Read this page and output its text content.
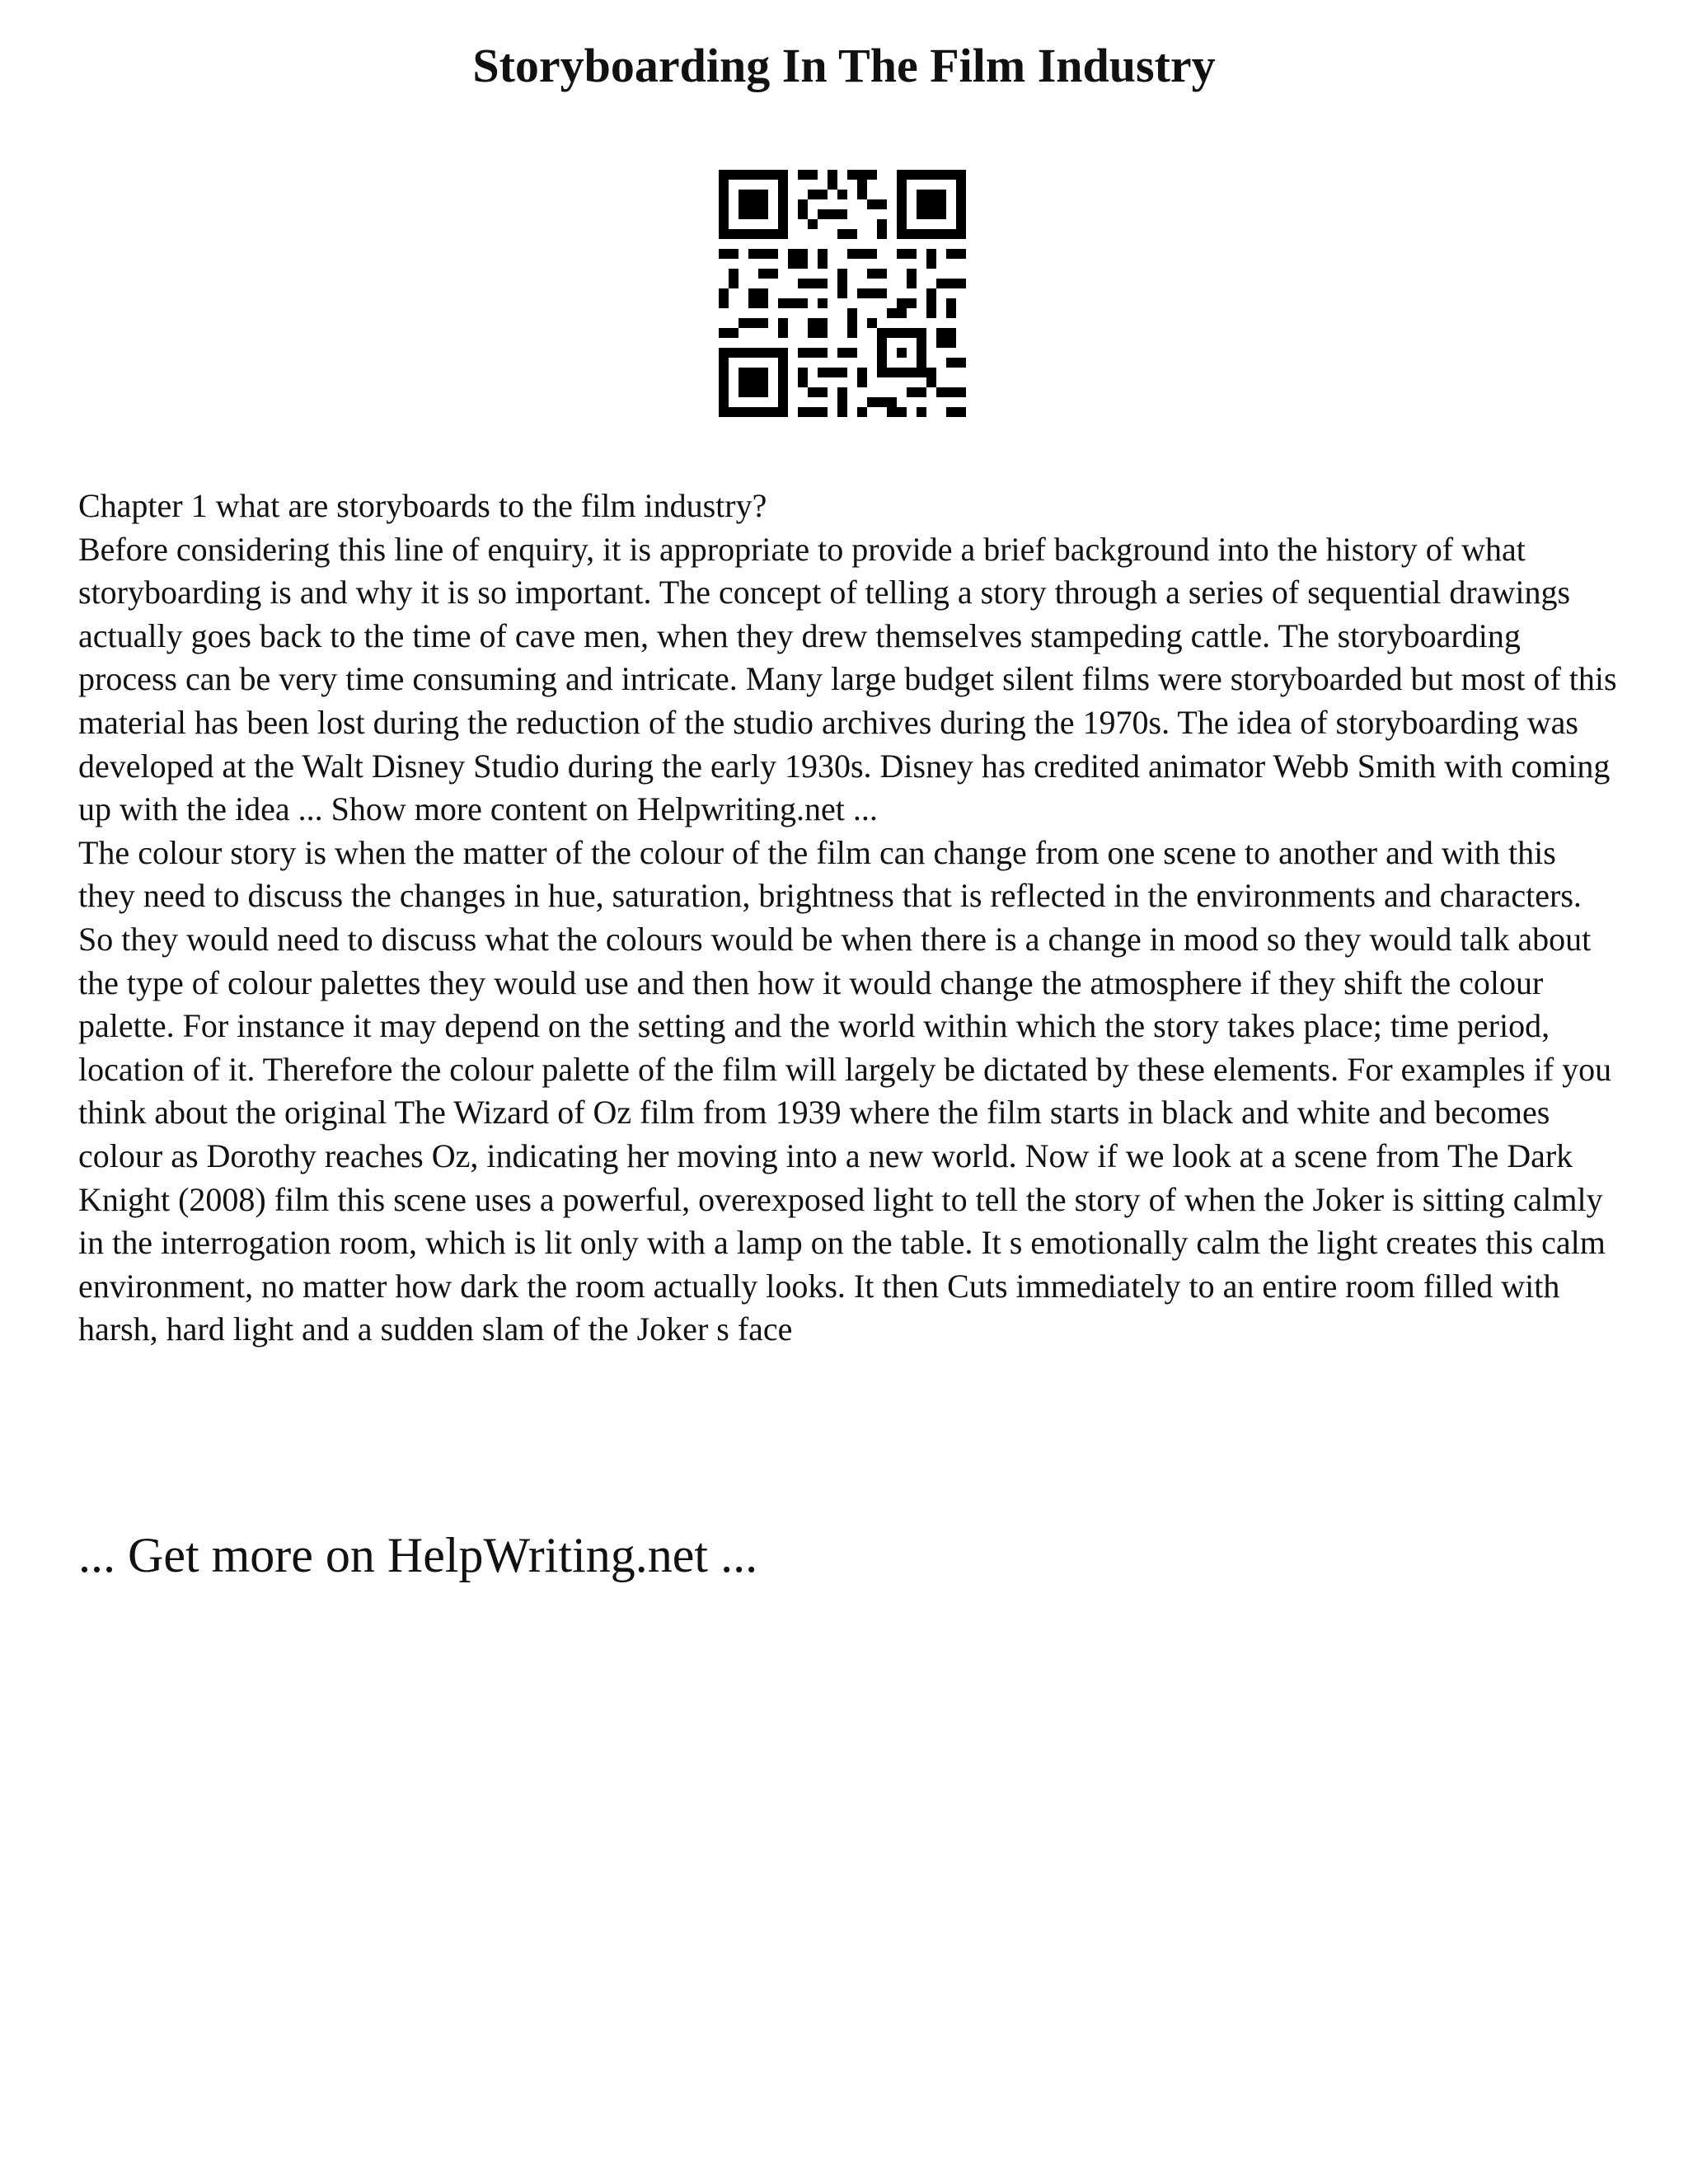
Storyboarding In The Film Industry

Chapter 1 what are storyboards to the film industry?

Before considering this line of enquiry, it is appropriate to provide a brief background into the history of what storyboarding is and why it is so important. The concept of telling a story through a series of sequential drawings actually goes back to the time of cave men, when they drew themselves stampeding cattle. The storyboarding process can be very time consuming and intricate. Many large budget silent films were storyboarded but most of this material has been lost during the reduction of the studio archives during the 1970s. The idea of storyboarding was developed at the Walt Disney Studio during the early 1930s. Disney has credited animator Webb Smith with coming up with the idea ... Show more content on Helpwriting.net ...

The colour story is when the matter of the colour of the film can change from one scene to another and with this they need to discuss the changes in hue, saturation, brightness that is reflected in the environments and characters. So they would need to discuss what the colours would be when there is a change in mood so they would talk about the type of colour palettes they would use and then how it would change the atmosphere if they shift the colour palette. For instance it may depend on the setting and the world within which the story takes place; time period, location of it. Therefore the colour palette of the film will largely be dictated by these elements. For examples if you think about the original The Wizard of Oz film from 1939 where the film starts in black and white and becomes colour as Dorothy reaches Oz, indicating her moving into a new world. Now if we look at a scene from The Dark Knight (2008) film this scene uses a powerful, overexposed light to tell the story of when the Joker is sitting calmly in the interrogation room, which is lit only with a lamp on the table. It s emotionally calm the light creates this calm environment, no matter how dark the room actually looks. It then Cuts immediately to an entire room filled with harsh, hard light and a sudden slam of the Joker s face

... Get more on HelpWriting.net ...
